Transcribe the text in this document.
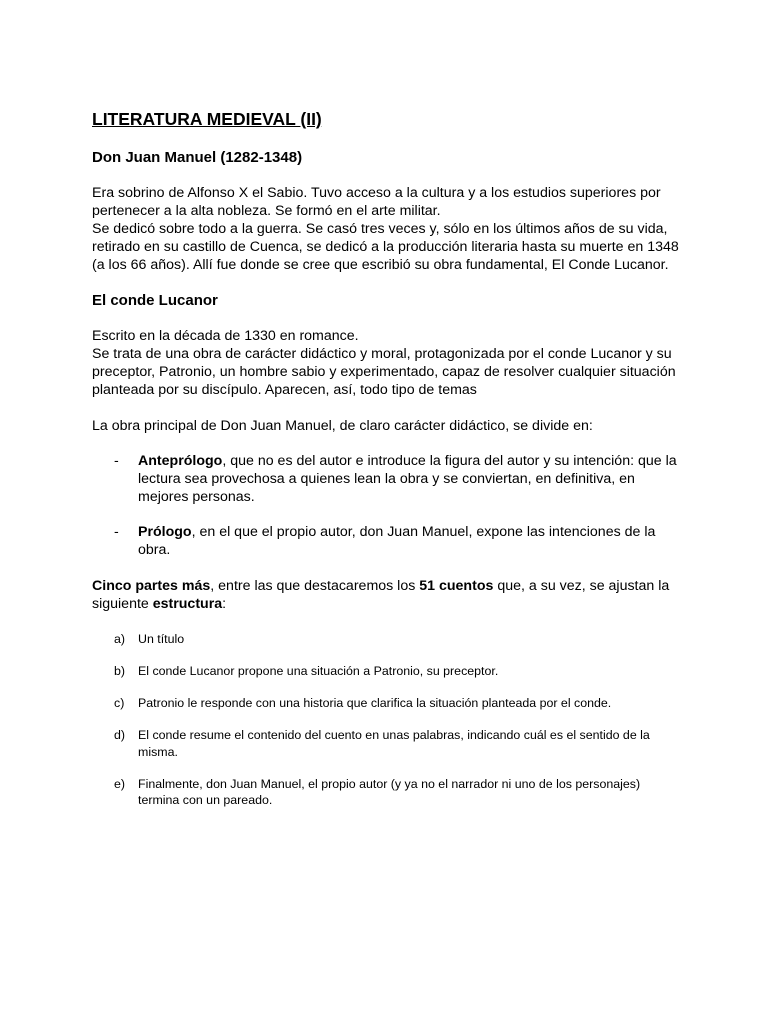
LITERATURA MEDIEVAL (II)
Don Juan Manuel (1282-1348)

Era sobrino de Alfonso X el Sabio. Tuvo acceso a la cultura y a los estudios superiores por pertenecer a la alta nobleza. Se formó en el arte militar.

Se dedicó sobre todo a la guerra. Se casó tres veces y, sólo en los últimos años de su vida, retirado en su castillo de Cuenca, se dedicó a la producción literaria hasta su muerte en 1348 (a los 66 años). Allí fue donde se cree que escribió su obra fundamental, El Conde Lucanor.

El conde Lucanor

Escrito en la década de 1330 en romance.

Se trata de una obra de carácter didáctico y moral, protagonizada por el conde Lucanor y su preceptor, Patronio, un hombre sabio y experimentado, capaz de resolver cualquier situación planteada por su discípulo. Aparecen, así, todo tipo de temas

La obra principal de Don Juan Manuel, de claro carácter didáctico, se divide en:

-	Anteprólogo, que no es del autor e introduce la figura del autor y su intención: que la lectura sea provechosa a quienes lean la obra y se conviertan, en definitiva, en mejores personas.
-	Prólogo, en el que el propio autor, don Juan Manuel, expone las intenciones de la obra.

Cinco partes más, entre las que destacaremos los 51 cuentos que, a su vez, se ajustan la siguiente estructura:

a)	Un título
b)	El conde Lucanor propone una situación a Patronio, su preceptor.
c)	Patronio le responde con una historia que clarifica la situación planteada por el conde.
d)	El conde resume el contenido del cuento en unas palabras, indicando cuál es el sentido de la misma.
e)	Finalmente, don Juan Manuel, el propio autor (y ya no el narrador ni uno de los personajes) termina con un pareado.
